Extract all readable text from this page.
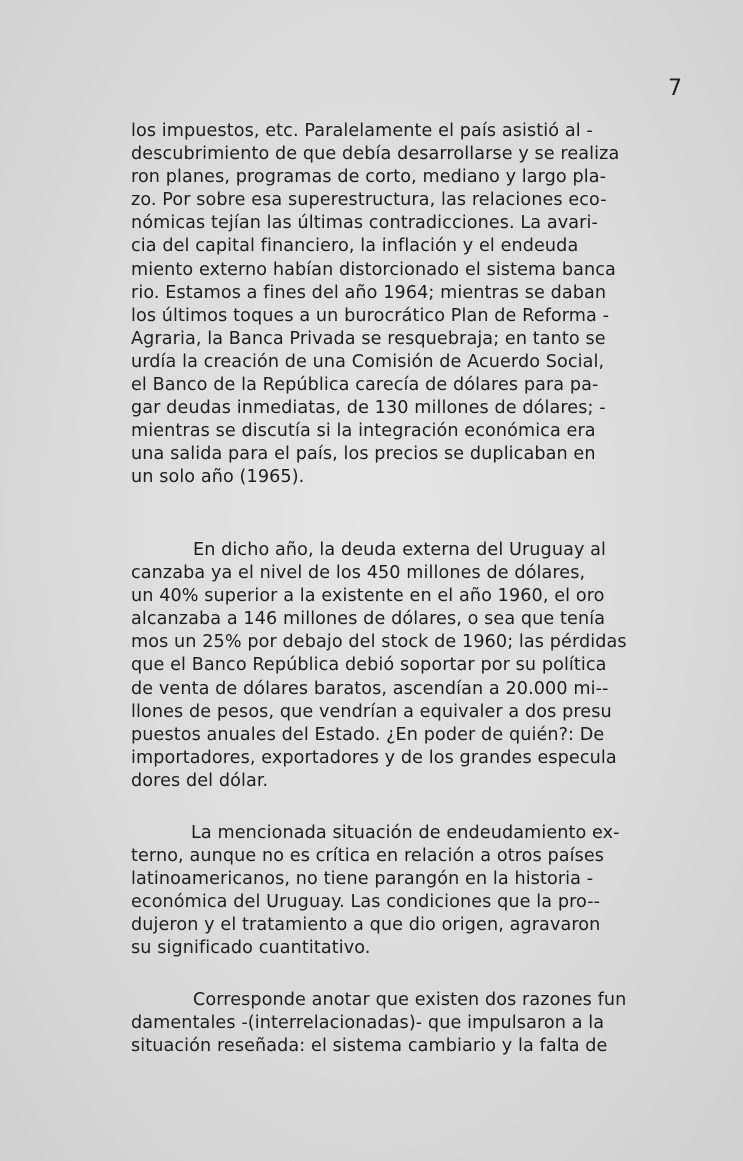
7
los impuestos, etc. Paralelamente el país asistió al -
descubrimiento de que debía desarrollarse y se realiza
ron planes, programas de corto, mediano y largo pla-
zo. Por sobre esa superestructura, las relaciones eco-
nómicas tejían las últimas contradicciones. La avari-
cia del capital financiero, la inflación y el endeuda
miento externo habían distorcionado el sistema banca
rio. Estamos a fines del año 1964; mientras se daban
los últimos toques a un burocrático Plan de Reforma -
Agraria, la Banca Privada se resquebraja; en tanto se
urdía la creación de una Comisión de Acuerdo Social,
el Banco de la República carecía de dólares para pa-
gar deudas inmediatas, de 130 millones de dólares; -
mientras se discutía si la integración económica era
una salida para el país, los precios se duplicaban en
un solo año (1965).
En dicho año, la deuda externa del Uruguay al
canzaba ya el nivel de los 450 millones de dólares,
un 40% superior a la existente en el año 1960, el oro
alcanzaba a 146 millones de dólares, o sea que tenía
mos un 25% por debajo del stock de 1960; las pérdidas
que el Banco República debió soportar por su política
de venta de dólares baratos, ascendían a 20.000 mi--
llones de pesos, que vendrían a equivaler a dos presu
puestos anuales del Estado. ¿En poder de quién?: De
importadores, exportadores y de los grandes especula
dores del dólar.
La mencionada situación de endeudamiento ex-
terno, aunque no es crítica en relación a otros países
latinoamericanos, no tiene parangón en la historia -
económica del Uruguay. Las condiciones que la pro--
dujeron y el tratamiento a que dio origen, agravaron
su significado cuantitativo.
Corresponde anotar que existen dos razones fun
damentales -(interrelacionadas)- que impulsaron a la
situación reseñada: el sistema cambiario y la falta de
